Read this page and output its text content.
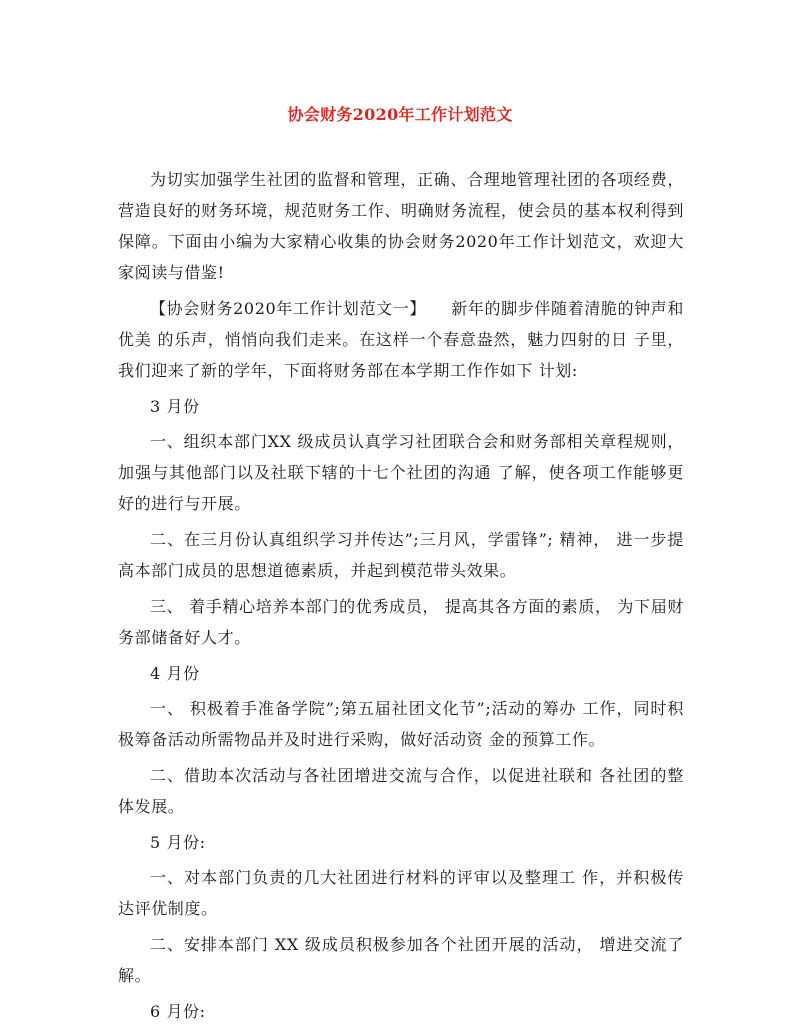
协会财务2020年工作计划范文

为切实加强学生社团的监督和管理，正确、合理地管理社团的各项经费，营造良好的财务环境，规范财务工作、明确财务流程，使会员的基本权利得到保障。下面由小编为大家精心收集的协会财务2020年工作计划范文，欢迎大家阅读与借鉴!

【协会财务2020年工作计划范文一】　　新年的脚步伴随着清脆的钟声和优美 的乐声，悄悄向我们走来。在这样一个春意盎然，魅力四射的日 子里，我们迎来了新的学年，下面将财务部在本学期工作作如下 计划:

3 月份

一、组织本部门XX 级成员认真学习社团联合会和财务部相关章程规则， 加强与其他部门以及社联下辖的十七个社团的沟通 了解，使各项工作能够更好的进行与开展。

二、在三月份认真组织学习并传达”;三月风，学雷锋”; 精神， 进一步提高本部门成员的思想道德素质，并起到模范带头效果。

三、 着手精心培养本部门的优秀成员， 提高其各方面的素质， 为下届财务部储备好人才。

4 月份

一、 积极着手准备学院”;第五届社团文化节”;活动的筹办 工作，同时积极筹备活动所需物品并及时进行采购，做好活动资 金的预算工作。

二、借助本次活动与各社团增进交流与合作，以促进社联和 各社团的整体发展。

5 月份:

一、对本部门负责的几大社团进行材料的评审以及整理工 作，并积极传达评优制度。

二、安排本部门 XX 级成员积极参加各个社团开展的活动， 增进交流了解。

6 月份:
